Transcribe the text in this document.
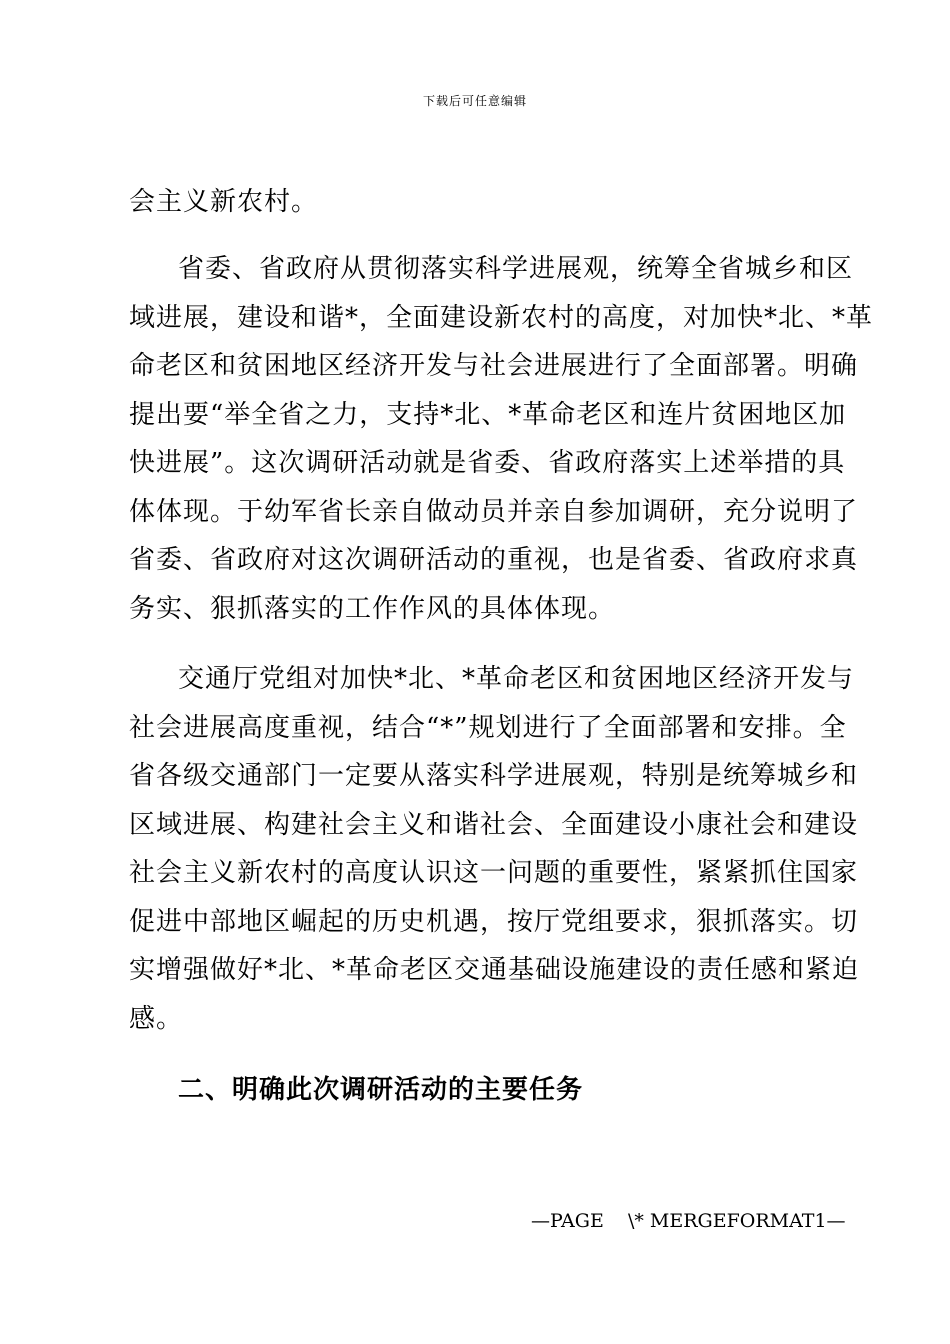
下载后可任意编辑

会主义新农村。

省委、省政府从贯彻落实科学进展观，统筹全省城乡和区
域进展，建设和谐*，全面建设新农村的高度，对加快*北、*革
命老区和贫困地区经济开发与社会进展进行了全面部署。明确
提出要“举全省之力，支持*北、*革命老区和连片贫困地区加
快进展”。这次调研活动就是省委、省政府落实上述举措的具
体体现。于幼军省长亲自做动员并亲自参加调研，充分说明了
省委、省政府对这次调研活动的重视，也是省委、省政府求真
务实、狠抓落实的工作作风的具体体现。

交通厅党组对加快*北、*革命老区和贫困地区经济开发与
社会进展高度重视，结合“*”规划进行了全面部署和安排。全
省各级交通部门一定要从落实科学进展观，特别是统筹城乡和
区域进展、构建社会主义和谐社会、全面建设小康社会和建设
社会主义新农村的高度认识这一问题的重要性，紧紧抓住国家
促进中部地区崛起的历史机遇，按厅党组要求，狠抓落实。切
实增强做好*北、*革命老区交通基础设施建设的责任感和紧迫
感。

二、明确此次调研活动的主要任务
—PAGE    \* MERGEFORMAT1—
